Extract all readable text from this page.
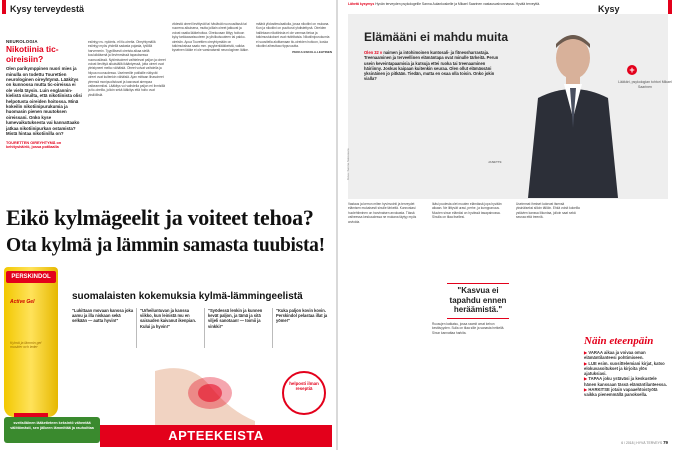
Kysy terveydestä
NEUROLOGIA
Nikotiinia tic-oireisiin?
Olen parikymppinen nuori mies ja minulla on todettu Tourettien neurologinen oireyhtymä. Lääkitys on kunnossa mutta tic-oireissa ei ole vielä täysin. Luin englannin-kielistä sivuilta, että nikotiinista olisi helpotusta oireiden hoitossa. Minä kokeilin nikotiinipurukumia ja huomasin pienen muutoksen oireissani. Onko kyse lumevaikutuksesta vai kannattaako jatkaa nikotiinipurkan ostamista? Mistä hintaa nikotiinilla on?
TOURETTEN OIREYHTYMÄ on kehityshäiriö, jossa potilaalla

esiintyy ns. nykimis- eli tic-oireita. Oireyhtymällä esiintyy myös yhdellä sadasta pojasta, tytöillä harvemmin. Tyypillisesti oireista alkaa siellä kouluikäisenä ja lievimmässä tapauksessa nuoruusiässä. Nykimisoireet vaihtelevat paljon ja oireet voivat lievittyä aikuisiällä ikääntyessä, jotta oireet ovat yleistyneet melko vähäistä. Oireet voivat vaihdella ja hiipua nuoruudessa. Useimmille potilaille näkyvät oireet ovat kuitenkin vähäisiä. Ajan mittaan lihasoireet yleensä monipuolistuvat ja kasvavat aiempaa vaikeammiksi. Lääkitys voi vaihdella paljon eri ihmisillä ja tic-oireilla, jolloin sekä lääkitys että hoito ovat yksilöllisiä.

viidestä oireet lievittyvät tai häviävät nuoruusiässä tai nuorena aikuisena, mutta joillain oireet jatkuvat ja voivat vaatia lääkehoitoa. Oirekuvaan liittyy hoitoon kyky tarkkaavaisuuteen ja yliviikuisuuteen tai pakko-oireisiin. Apua Tourettien oireyhtymään on tutkimuksissa saatu mm. psyykenlääkkeistä, vaikka kyseinen lääke ei ole varsinaisesti neurologinen lääke.

määrä ylidostimulaatiolla, jossa nikotiini on mukana. Kun ja nikotiini on puutturut yhdistettynä. Oireiden hallintaan nikotiinista ei ole varmaa tietoa ja tutkimustulokset ovat ristiriitaisia. Nikotiinipurukumia ei suositella aloittamaan tic-oireiden hoitoon, koska nikotiini aiheuttaa riippuvuutta.

PEKKA ESKOLA-LEHTINEN

Eikö kylmägeelit ja voiteet tehoa?
Ota kylmä ja lämmin samasta tuubista!
PERSKINDOL
Active Gel
Kylmä ja lämmin gel muskler och leder
suomalaisten kokemuksia kylmä-lämmingeelistä
"Lukittaan movaan kanssa joka aamu ja illa niskaan sekä selkään — autta hyvin!"
"Urheiluntuvan ja kanssa viikko, kun leinistä mu en sairauden kaivanut ikenpian. Kului ja hyvin!"
"Syödessä lenkin ja kunnen kevät paljon, ja tämä ja sitä viljeli sanotaan! — toimii ja vinkki!"
"Kuka paljon kovin kovin. Perskindol pelastaa illat ja yöme!"
helposti ilman reseptiä
sveitsiläinen lääketieteen keksintö vähentää välittömästi, sen jälkeen lämmittää ja rauhoittaa
APTEEKEISTA
Lähetä kysymys Hyvän terveyden psykologeille Sanna Aulankoskelle ja Mikael Saarinen vastausvalvonnassa. Hyvää terveyttä.	Kysy
Elämääni ei mahdu muita
Olen 32 v naimen ja intohimoinen kuntosali- ja fitnessharrastaja. Treenaaminen ja terveellinen elämäntapa ovat minulle tärkeitä. Perun usein keveintapaamisia ja kutsuja ettei ruoka tai treenaaminen häiriinny. Joskus kaipaan kuitenkin seuraa. Olen ollut elämässäni yksinäinen jo pitkään. Tiedän, mutta en osaa olla toisin. Onko jokin vialla?
JANETTE
Kuva: Sanna Salovaara
+
Lääkäri, psykologian tohtori Mikael Saarinen

Vastaus ja kerron miten hyvinvointi ja terveydet elämisen mukaisesti sinulle tärkeitä. Kunnostasi huolehtiminen on harvinaisen arvokasta. Tässä vaiheessa keskuudessa ne mukana täytyy myös arvioida.

Ikäsi puolesta olet muuten elämässä jopa hyvään aikaan. Ne liittyvät urasi, perhe, ja kumppanuus. Muuten sinun elämäsi on hyvässä tasapainossa. Sinulla on tilaa itsellesi.

"Kasvua ei tapahdu ennen heräämistä."

Ruusujen katkaisu, jossa raamit omat kehon kestävyyden. Sulla on tilaa sille ja sanasta hetkellä. Sinun kannattaa harkita.

Useimmat ihmiset kokevat itsensä yksinäiseksi silloin tällöin. Ehkä voisit kokeilla ystävien kanssa liikuntaa, jolloin saat sekä seuraa että treeniä.

Näin eteenpäin

▶ VARAA aikaa ja voivaa oman elämäntilanteesi pohtimiseen.

▶ LUE esim. suosittelemiani kirjat, katso elokuvasoitukset ja kirjoita ylös ajatuksiasi.

▶ TAPAA joku ystäväsi ja keskustele hänen kanssaan tässä elämäntilanteessa.

▶ HARKITSE jotain vapaaehtoistyötä vaikka pienemmällä panoksella.

6 / 2018 | HYVÄ TERVEYS 79
